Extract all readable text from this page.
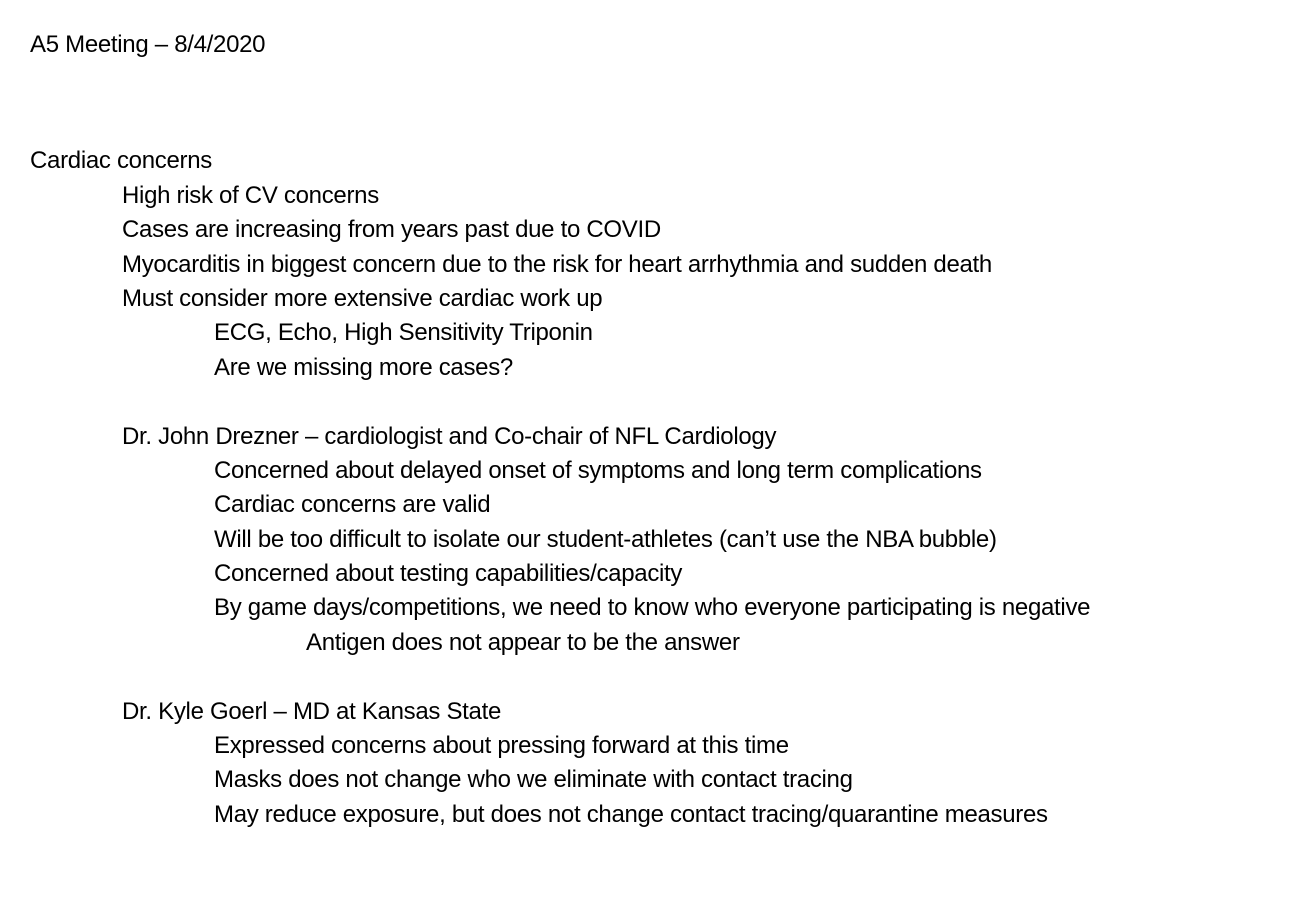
A5 Meeting – 8/4/2020
Cardiac concerns
High risk of CV concerns
Cases are increasing from years past due to COVID
Myocarditis in biggest concern due to the risk for heart arrhythmia and sudden death
Must consider more extensive cardiac work up
ECG, Echo, High Sensitivity Triponin
Are we missing more cases?
Dr. John Drezner – cardiologist and Co-chair of NFL Cardiology
Concerned about delayed onset of symptoms and long term complications
Cardiac concerns are valid
Will be too difficult to isolate our student-athletes (can’t use the NBA bubble)
Concerned about testing capabilities/capacity
By game days/competitions, we need to know who everyone participating is negative
Antigen does not appear to be the answer
Dr. Kyle Goerl – MD at Kansas State
Expressed concerns about pressing forward at this time
Masks does not change who we eliminate with contact tracing
May reduce exposure, but does not change contact tracing/quarantine measures
